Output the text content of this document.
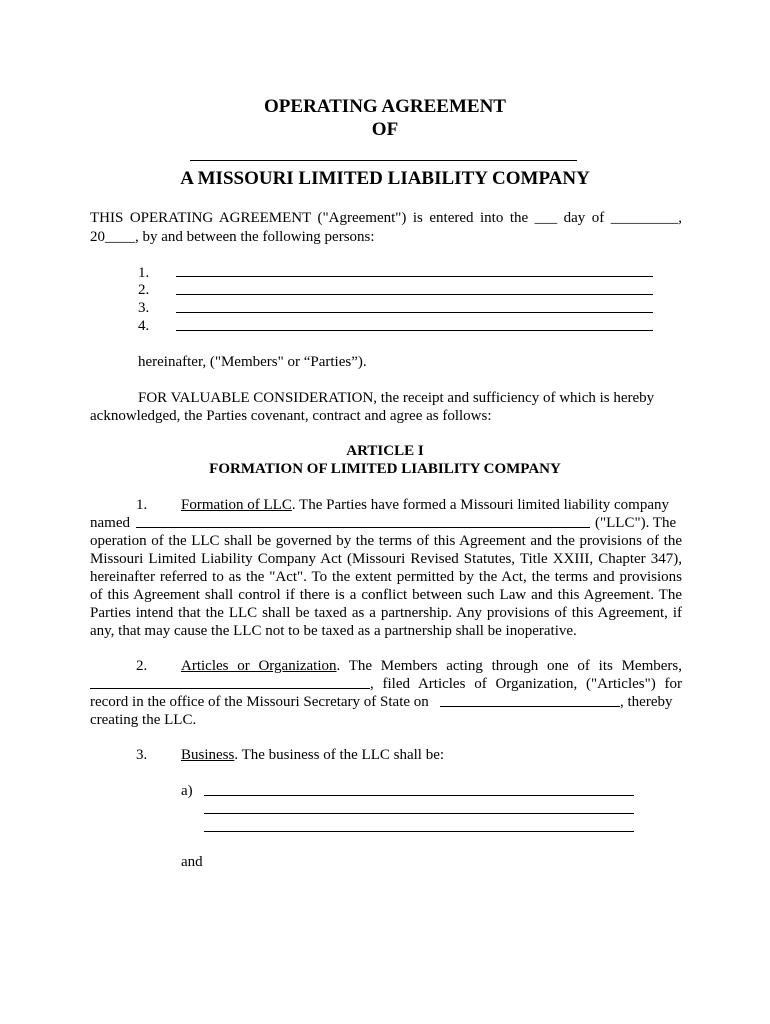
OPERATING AGREEMENT
OF
A MISSOURI LIMITED LIABILITY COMPANY
THIS OPERATING AGREEMENT ("Agreement") is entered into the ___ day of _________,
20____, by and between the following persons:
1.
2.
3.
4.
hereinafter, ("Members" or “Parties”).
FOR VALUABLE CONSIDERATION, the receipt and sufficiency of which is hereby
acknowledged, the Parties covenant, contract and agree as follows:
ARTICLE I
FORMATION OF LIMITED LIABILITY COMPANY
1. Formation of LLC. The Parties have formed a Missouri limited liability company
named	("LLC"). The
operation of the LLC shall be governed by the terms of this Agreement and the provisions of the
Missouri Limited Liability Company Act (Missouri Revised Statutes, Title XXIII, Chapter 347),
hereinafter referred to as the "Act". To the extent permitted by the Act, the terms and provisions
of this Agreement shall control if there is a conflict between such Law and this Agreement. The
Parties intend that the LLC shall be taxed as a partnership. Any provisions of this Agreement, if
any, that may cause the LLC not to be taxed as a partnership shall be inoperative.
2. Articles or Organization. The Members acting through one of its Members,
, filed Articles of Organization, ("Articles") for
record in the office of the Missouri Secretary of State on	, thereby
creating the LLC.
3. Business. The business of the LLC shall be:
a)
and
